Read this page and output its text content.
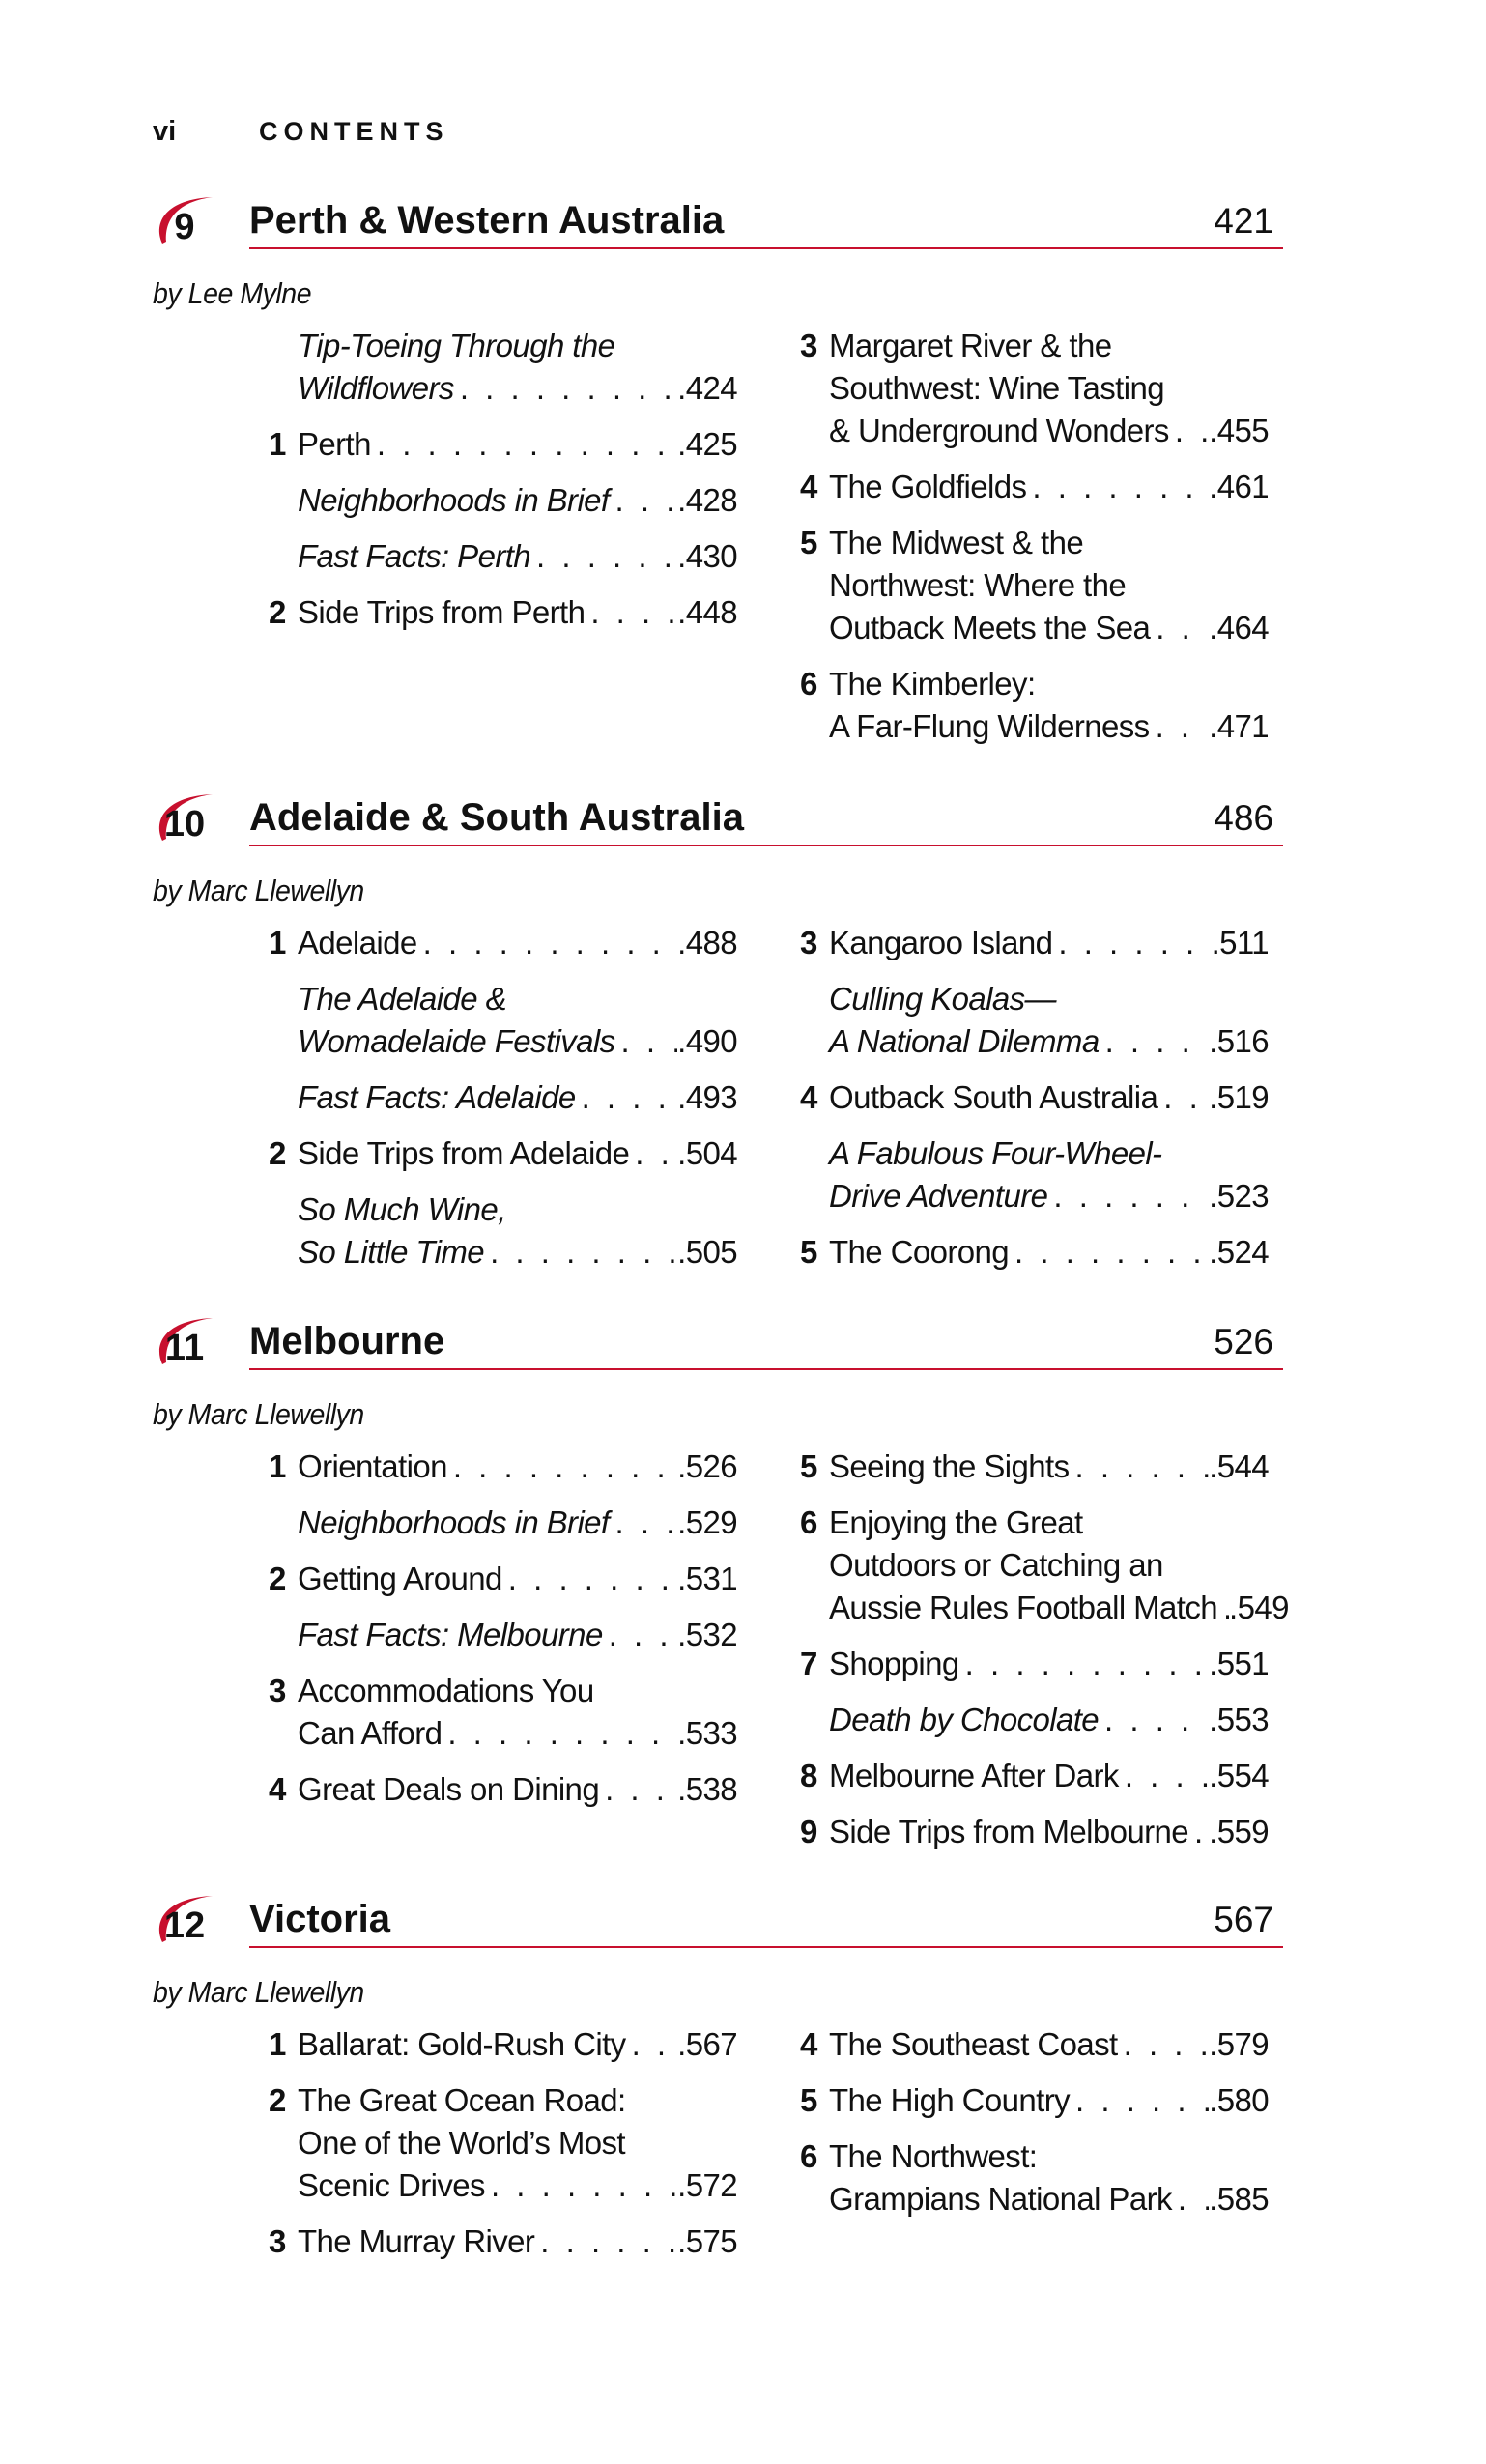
vi	CONTENTS
9	Perth & Western Australia	421
by Lee Mylne
Tip-Toeing Through the
Wildflowers . . .	.424
1 Perth . . .	.425
Neighborhoods in Brief . . . .428
Fast Facts: Perth . . .	.430
2 Side Trips from Perth . . .	.448
3 Margaret River & the
Southwest: Wine Tasting
& Underground Wonders . . . .455
4 The Goldfields . . .	.461
5 The Midwest & the
Northwest: Where the
Outback Meets the Sea . . . .464
6 The Kimberley:
A Far-Flung Wilderness . . . .471
10 Adelaide & South Australia	486
by Marc Llewellyn
1 Adelaide . . .	.488
The Adelaide &
Womadelaide Festivals . . . .490
Fast Facts: Adelaide . . .	.493
2 Side Trips from Adelaide . . . .504
So Much Wine,
So Little Time . . .	.505
3 Kangaroo Island . . .	.511
Culling Koalas—
A National Dilemma . . .	.516
4 Outback South Australia . . . .519
A Fabulous Four-Wheel-
Drive Adventure . . .	.523
5 The Coorong . . .	.524
11	Melbourne	526
by Marc Llewellyn
1 Orientation . . .	.526
Neighborhoods in Brief . . . .529
2 Getting Around . . .	.531
Fast Facts: Melbourne . . . .532
3 Accommodations You
Can Afford . . .	.533
4 Great Deals on Dining . . . .538
5 Seeing the Sights . . .	.544
6 Enjoying the Great
Outdoors or Catching an
Aussie Rules Football Match . . . .549
7 Shopping . . .	.551
Death by Chocolate . . .	.553
8 Melbourne After Dark . . .	.554
9 Side Trips from Melbourne . . . .559
12 Victoria	567
by Marc Llewellyn
1 Ballarat: Gold-Rush City . . . .567
2 The Great Ocean Road:
One of the World’s Most
Scenic Drives . . .	.572
3 The Murray River . . .	.575
4 The Southeast Coast . . .	.579
5 The High Country . . .	.580
6 The Northwest:
Grampians National Park . . . .585
